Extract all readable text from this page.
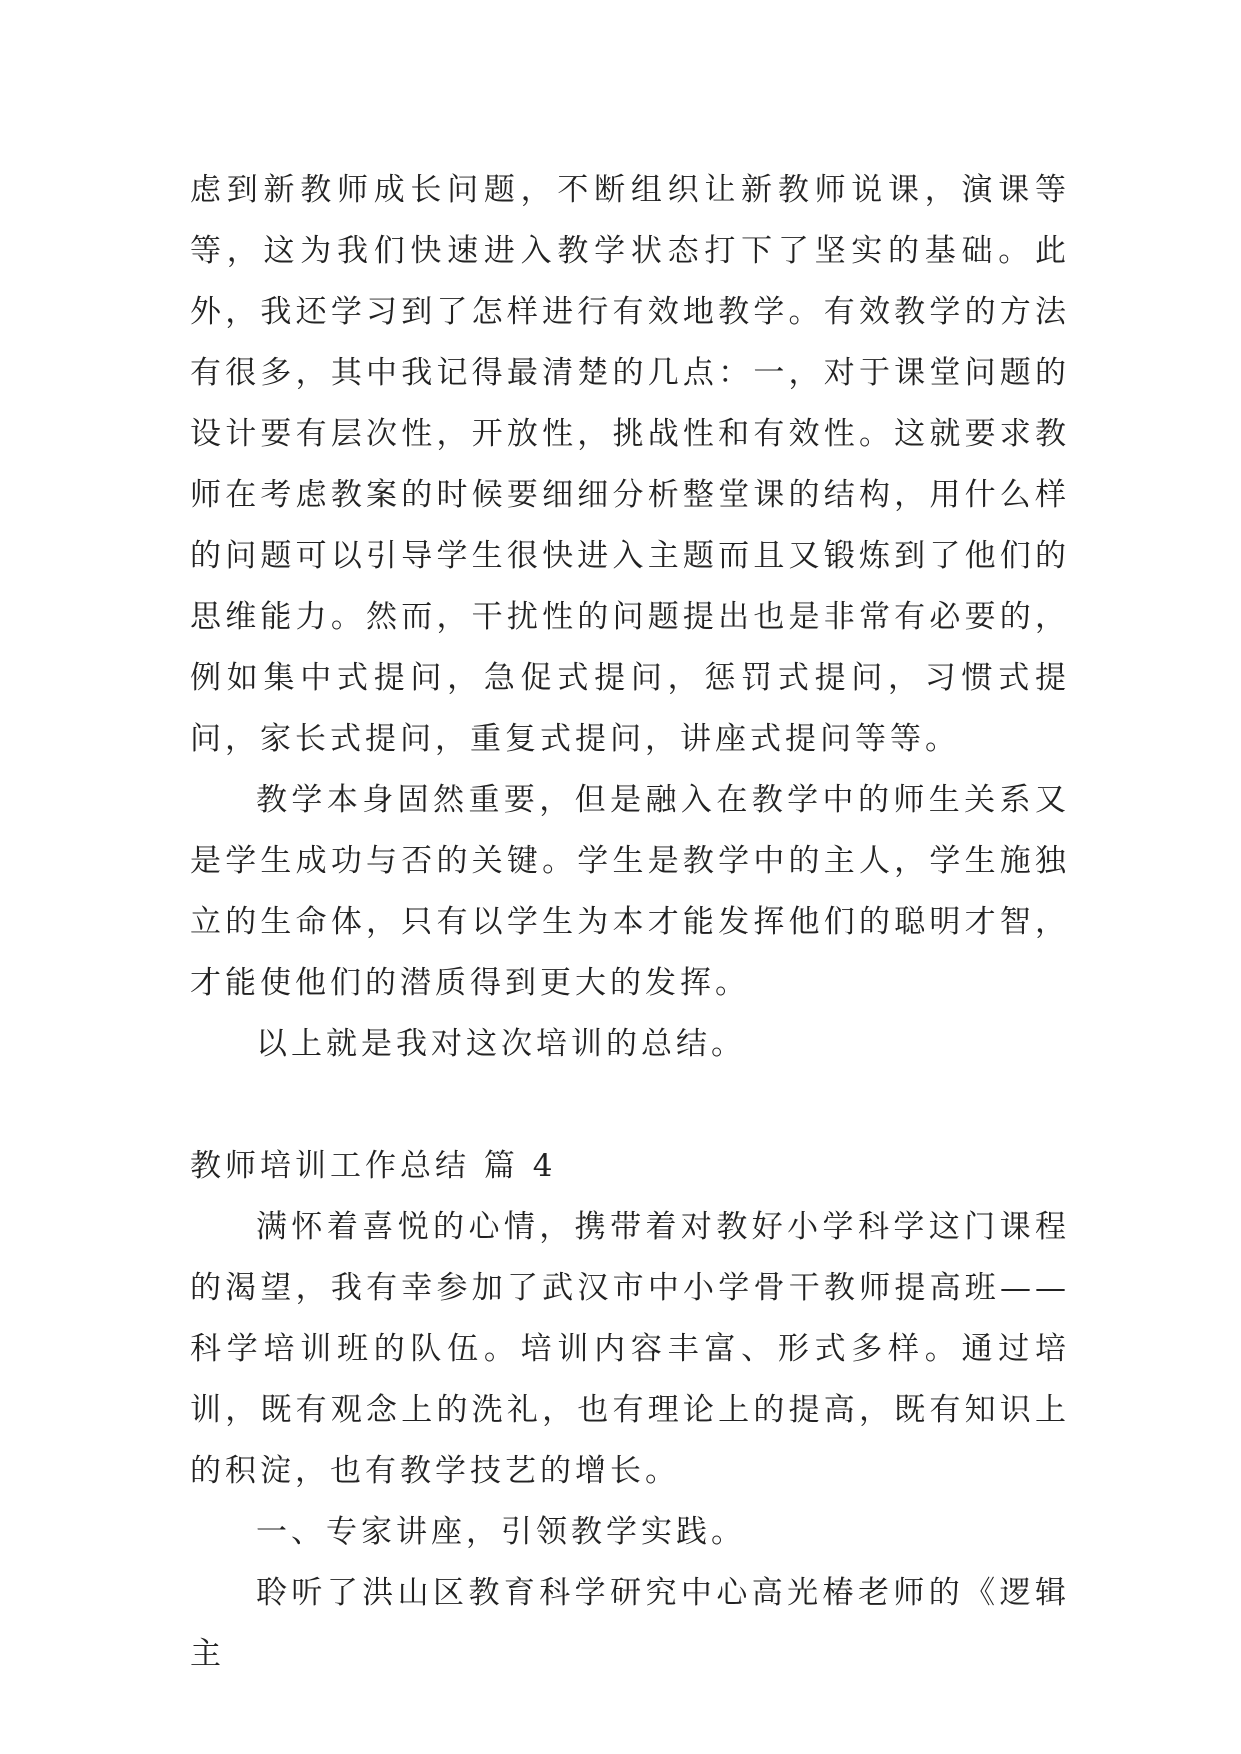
虑到新教师成长问题，不断组织让新教师说课，演课等等，这为我们快速进入教学状态打下了坚实的基础。此外，我还学习到了怎样进行有效地教学。有效教学的方法有很多，其中我记得最清楚的几点：一，对于课堂问题的设计要有层次性，开放性，挑战性和有效性。这就要求教师在考虑教案的时候要细细分析整堂课的结构，用什么样的问题可以引导学生很快进入主题而且又锻炼到了他们的思维能力。然而，干扰性的问题提出也是非常有必要的，例如集中式提问，急促式提问，惩罚式提问，习惯式提问，家长式提问，重复式提问，讲座式提问等等。

教学本身固然重要，但是融入在教学中的师生关系又是学生成功与否的关键。学生是教学中的主人，学生施独立的生命体，只有以学生为本才能发挥他们的聪明才智，才能使他们的潜质得到更大的发挥。

以上就是我对这次培训的总结。

教师培训工作总结 篇 4

满怀着喜悦的心情，携带着对教好小学科学这门课程的渴望，我有幸参加了武汉市中小学骨干教师提高班——科学培训班的队伍。培训内容丰富、形式多样。通过培训，既有观念上的洗礼，也有理论上的提高，既有知识上的积淀，也有教学技艺的增长。

一、专家讲座，引领教学实践。

聆听了洪山区教育科学研究中心高光椿老师的《逻辑主
